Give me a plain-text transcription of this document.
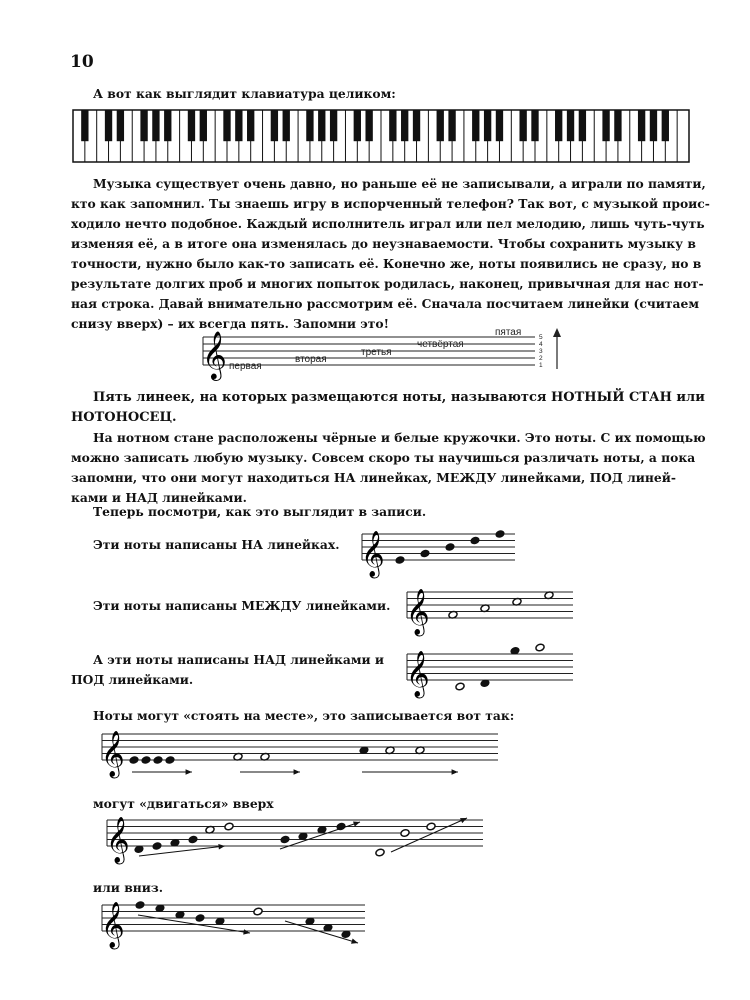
10
А вот как выглядит клавиатура целиком:
Музыка существует очень давно, но раньше её не записывали, а играли по памяти,
кто как запомнил. Ты знаешь игру в испорченный телефон? Так вот, с музыкой проис-
ходило нечто подобное. Каждый исполнитель играл или пел мелодию, лишь чуть-чуть
изменяя её, а в итоге она изменялась до неузнаваемости. Чтобы сохранить музыку в
точности, нужно было как-то записать её. Конечно же, ноты появились не сразу, но в
результате долгих проб и многих попыток родилась, наконец, привычная для нас нот-
ная строка. Давай внимательно рассмотрим её. Сначала посчитаем линейки (считаем
снизу вверх) – их всегда пять. Запомни это!
𝄞 первая
вторая
третья
четвёртая
пятая	5
4
3
2
1
Пять линеек, на которых размещаются ноты, называются НОТНЫЙ СТАН или
НОТОНОСЕЦ.
На нотном стане расположены чёрные и белые кружочки. Это ноты. С их помощью
можно записать любую музыку. Совсем скоро ты научишься различать ноты, а пока
запомни, что они могут находиться НА линейках, МЕЖДУ линейками, ПОД линей-
ками и НАД линейками.
Теперь посмотри, как это выглядит в записи.
Эти ноты написаны НА линейках. 𝄞
Эти ноты написаны МЕЖДУ линейками. 𝄞
А эти ноты написаны НАД линейками и
ПОД линейками.	𝄞
Ноты могут «стоять на месте», это записывается вот так:
𝄞
могут «двигаться» вверх
𝄞
или вниз.
𝄞
